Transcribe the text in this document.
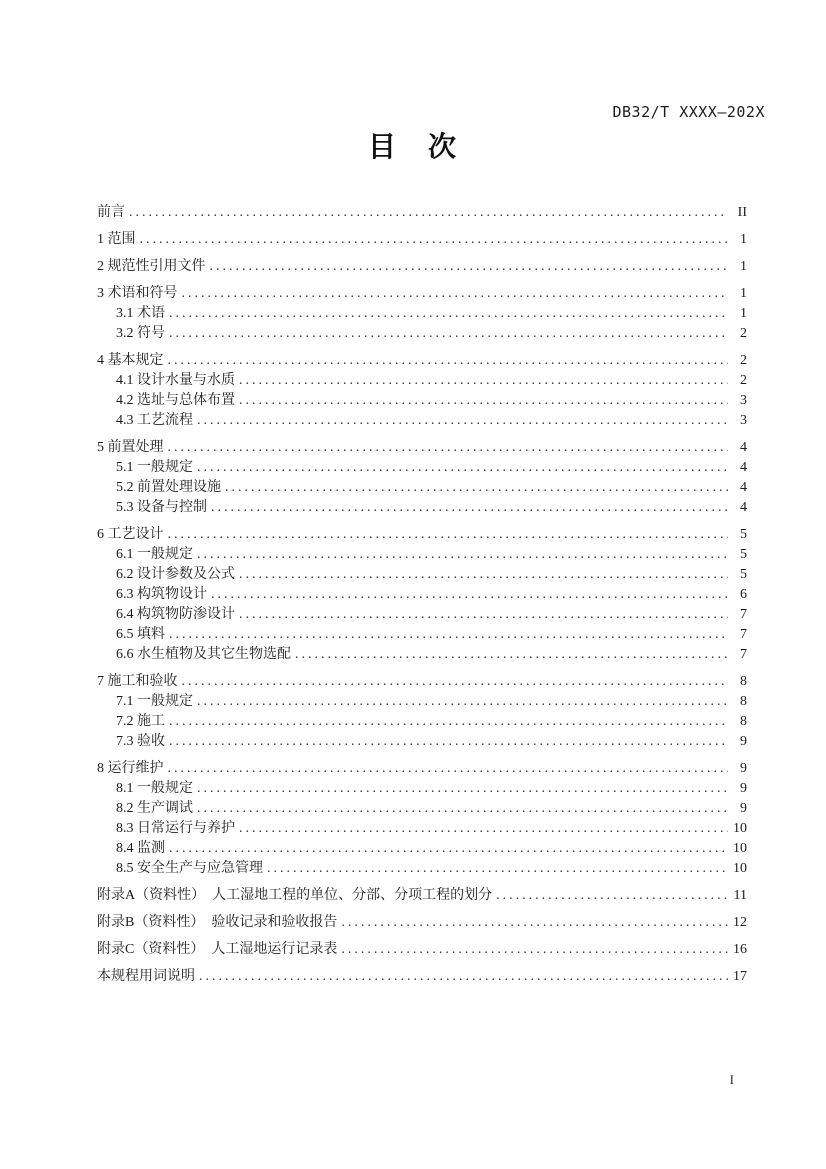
DB32/T XXXX—202X
目　次
前言 .....	II
1 范围 .....	1
2 规范性引用文件 .....	1
3 术语和符号 .....	1
3.1 术语 .....	1
3.2 符号 .....	2
4 基本规定 .....	2
4.1 设计水量与水质 .....	2
4.2 选址与总体布置 .....	3
4.3 工艺流程 .....	3
5 前置处理 .....	4
5.1 一般规定 .....	4
5.2 前置处理设施 .....	4
5.3 设备与控制 .....	4
6 工艺设计 .....	5
6.1 一般规定 .....	5
6.2 设计参数及公式 .....	5
6.3 构筑物设计 .....	6
6.4 构筑物防渗设计 .....	7
6.5 填料 .....	7
6.6 水生植物及其它生物选配 .....	7
7 施工和验收 .....	8
7.1 一般规定 .....	8
7.2 施工 .....	8
7.3 验收 .....	9
8 运行维护 .....	9
8.1 一般规定 .....	9
8.2 生产调试 .....	9
8.3 日常运行与养护 .....	10
8.4 监测 .....	10
8.5 安全生产与应急管理 .....	10
附录A（资料性）　人工湿地工程的单位、分部、分项工程的划分 .....	11
附录B（资料性）　验收记录和验收报告 .....	12
附录C（资料性）　人工湿地运行记录表 .....	16
本规程用词说明 .....	17
I
